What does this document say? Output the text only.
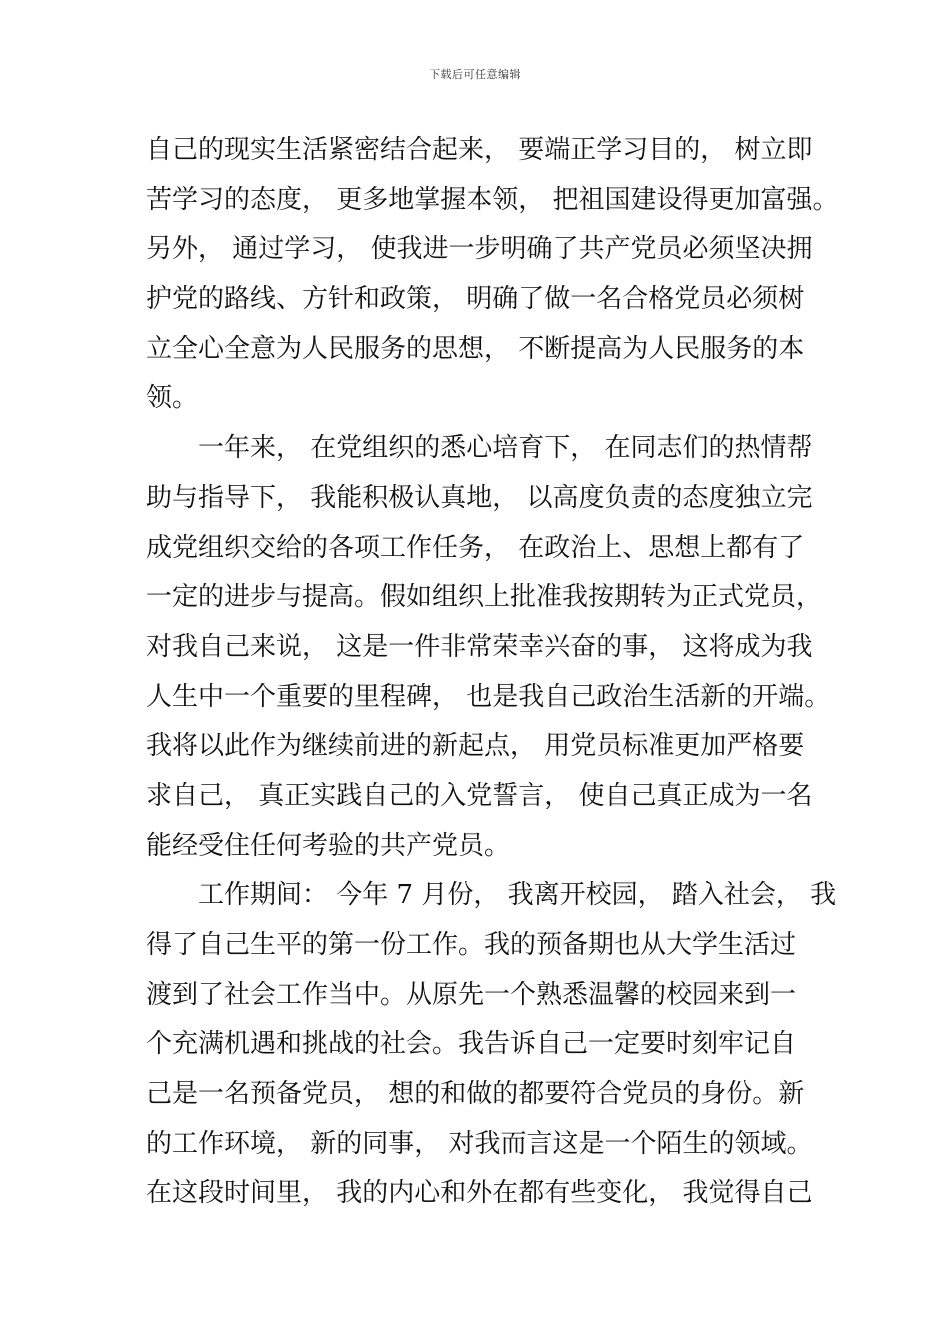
下载后可任意编辑

自己的现实生活紧密结合起来， 要端正学习目的， 树立即
苦学习的态度， 更多地掌握本领， 把祖国建设得更加富强。
另外， 通过学习， 使我进一步明确了共产党员必须坚决拥
护党的路线、方针和政策， 明确了做一名合格党员必须树
立全心全意为人民服务的思想， 不断提高为人民服务的本
领。

　　一年来， 在党组织的悉心培育下， 在同志们的热情帮
助与指导下， 我能积极认真地， 以高度负责的态度独立完
成党组织交给的各项工作任务， 在政治上、思想上都有了
一定的进步与提高。假如组织上批准我按期转为正式党员，
对我自己来说， 这是一件非常荣幸兴奋的事， 这将成为我
人生中一个重要的里程碑， 也是我自己政治生活新的开端。
我将以此作为继续前进的新起点， 用党员标准更加严格要
求自己， 真正实践自己的入党誓言， 使自己真正成为一名
能经受住任何考验的共产党员。

　　工作期间： 今年 7 月份， 我离开校园， 踏入社会， 我
得了自己生平的第一份工作。我的预备期也从大学生活过
渡到了社会工作当中。从原先一个熟悉温馨的校园来到一
个充满机遇和挑战的社会。我告诉自己一定要时刻牢记自
己是一名预备党员， 想的和做的都要符合党员的身份。新
的工作环境， 新的同事， 对我而言这是一个陌生的领域。
在这段时间里， 我的内心和外在都有些变化， 我觉得自己
